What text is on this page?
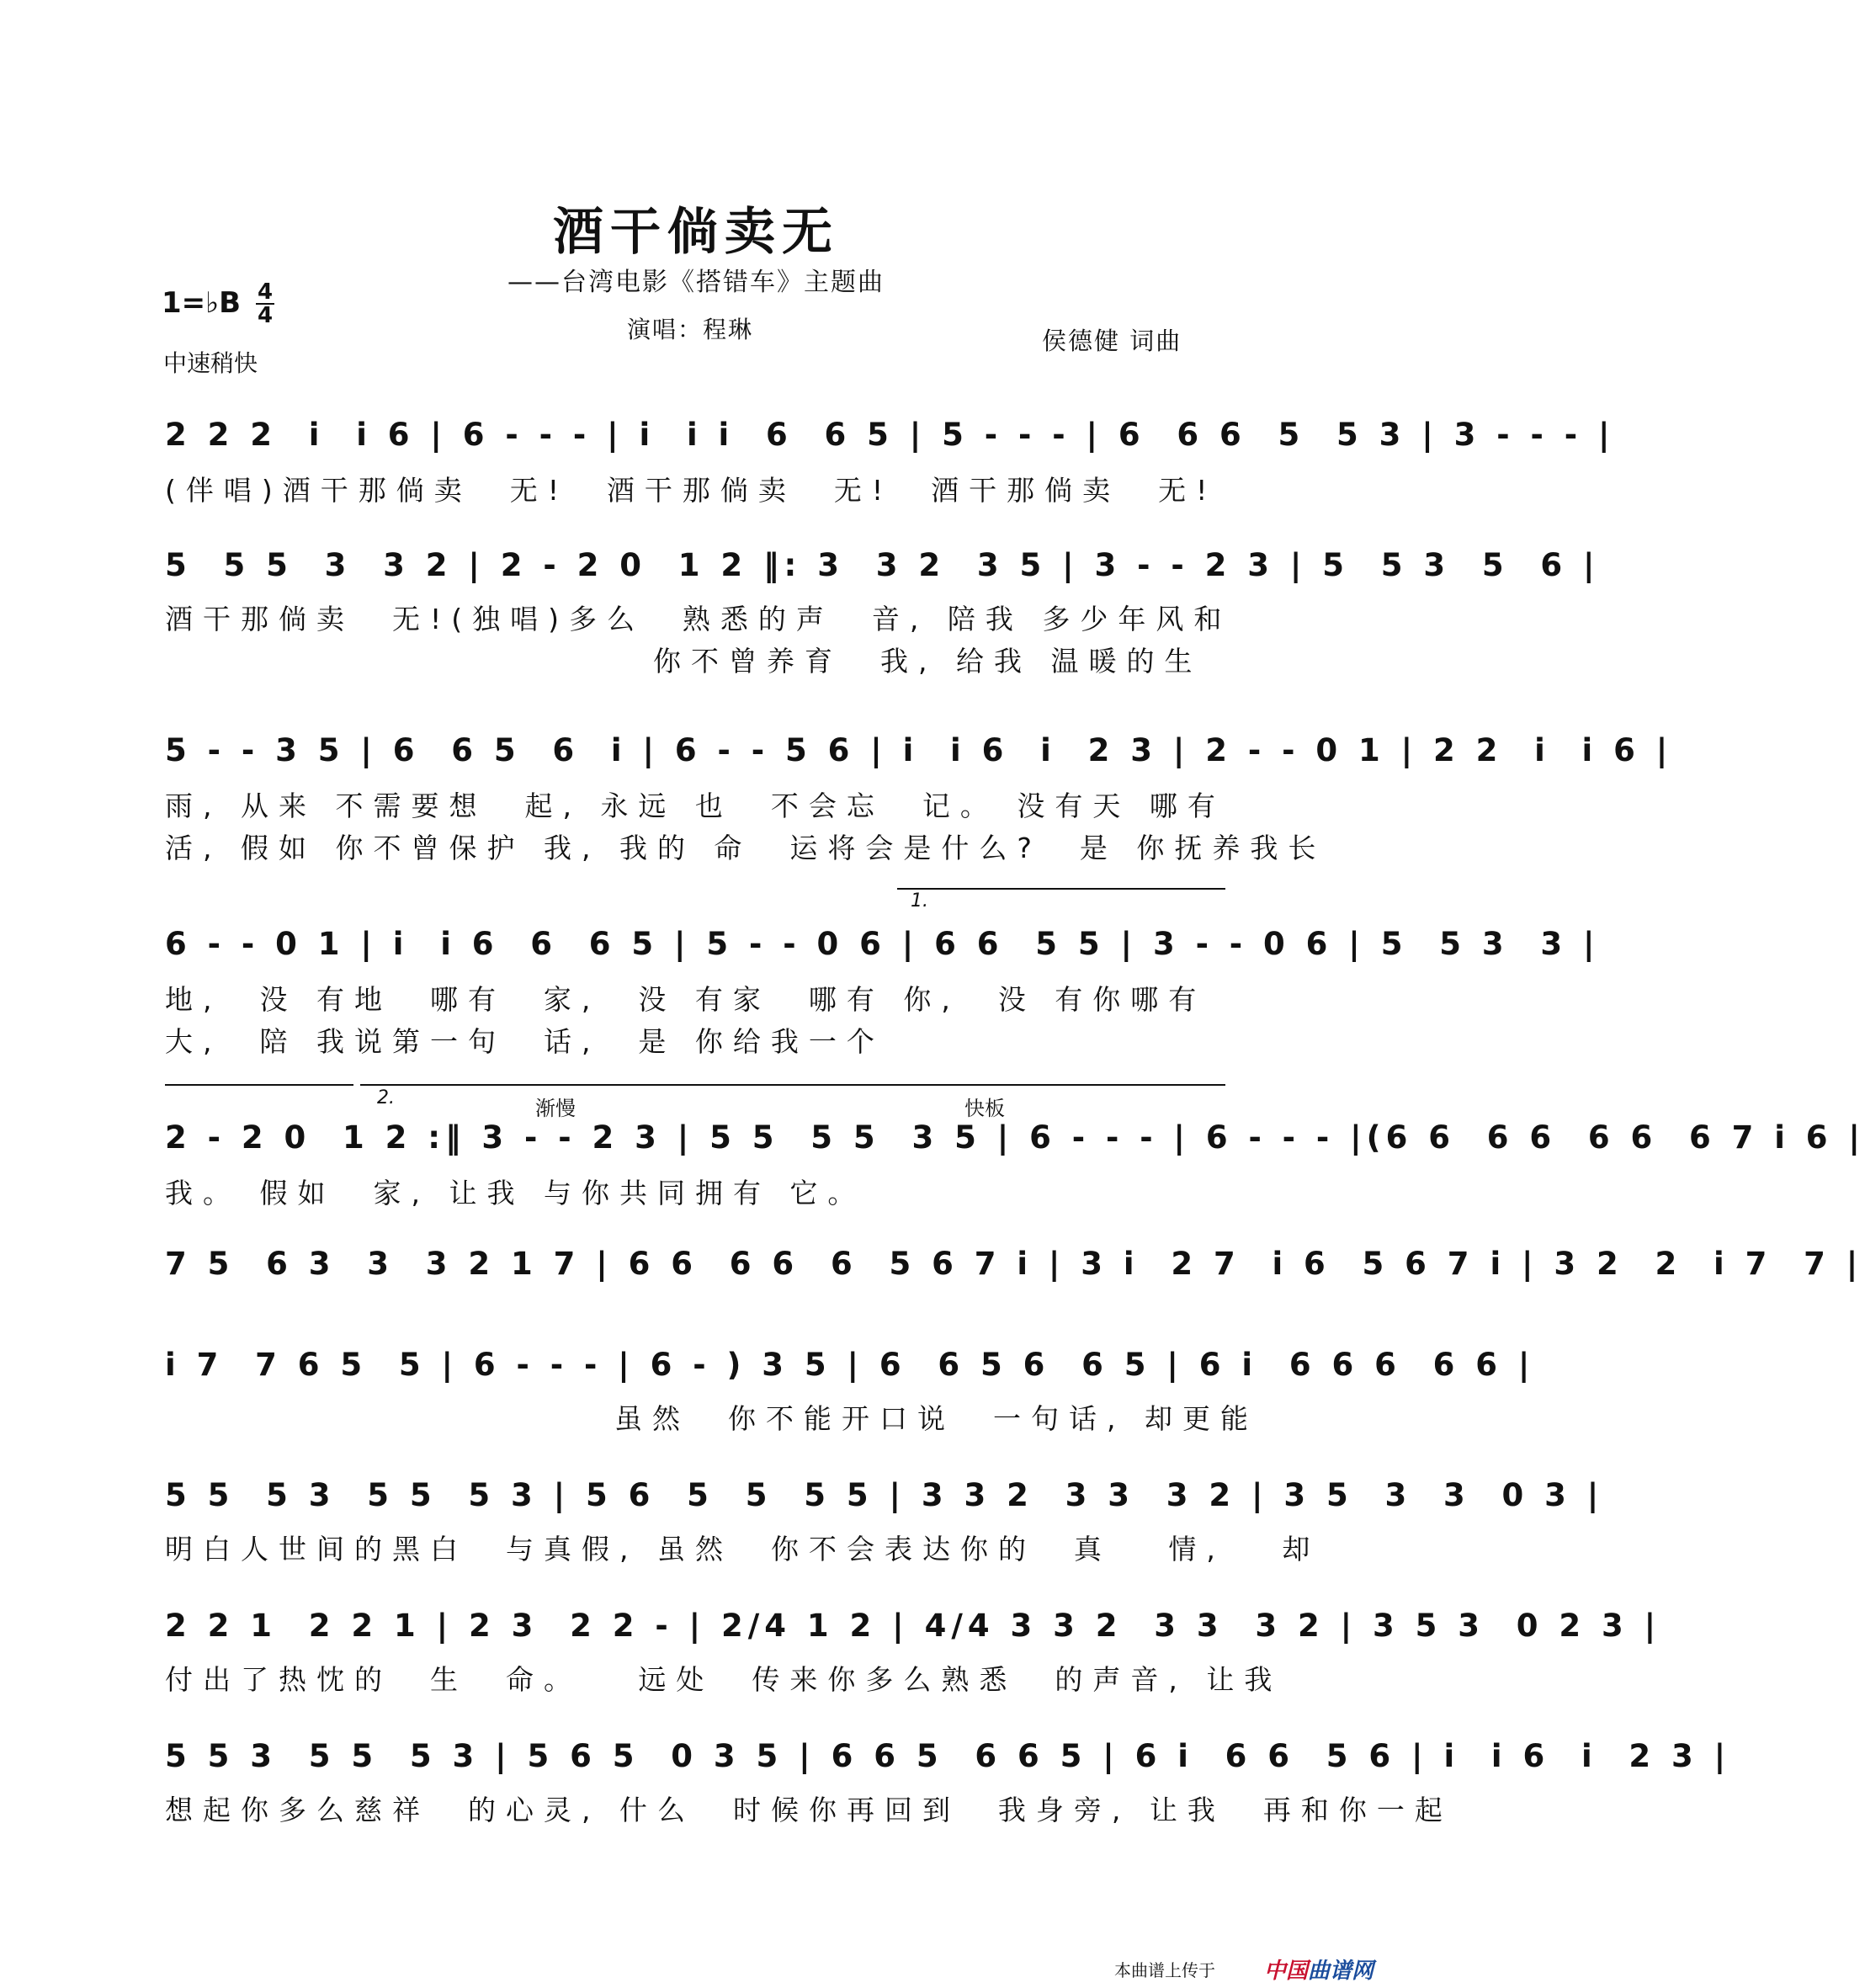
酒干倘卖无
——台湾电影《搭错车》主题曲
演唱：程琳	侯德健 词曲
1=♭B 4
4
中速稍快
2 2 2  i  i 6 | 6 - - - | i  i i  6  6 5 | 5 - - - | 6  6 6  5  5 3 | 3 - - - |
(伴唱)酒干那倘卖  无!  酒干那倘卖  无!  酒干那倘卖  无!
5  5 5  3  3 2 | 2 - 2 0  1 2 ‖: 3  3 2  3 5 | 3 - - 2 3 | 5  5 3  5  6 |
酒干那倘卖  无!(独唱)多么  熟悉的声  音, 陪我 多少年风和
你不曾养育  我, 给我 温暖的生
5 - - 3 5 | 6  6 5  6  i | 6 - - 5 6 | i  i 6  i  2 3 | 2 - - 0 1 | 2 2  i  i 6 |
雨, 从来 不需要想  起, 永远 也  不会忘  记。 没有天 哪有
活, 假如 你不曾保护 我, 我的 命  运将会是什么?  是 你抚养我长
1.
6 - - 0 1 | i  i 6  6  6 5 | 5 - - 0 6 | 6 6  5 5 | 3 - - 0 6 | 5  5 3  3 |
地,  没 有地  哪有  家,  没 有家  哪有 你,  没 有你哪有
大,  陪 我说第一句  话,  是 你给我一个
2.	渐慢	快板
2 - 2 0  1 2 :‖ 3 - - 2 3 | 5 5  5 5  3 5 | 6 - - - | 6 - - - |(6 6  6 6  6 6  6 7 i 6 |
我。 假如  家, 让我 与你共同拥有 它。
7 5  6 3  3  3 2 1 7 | 6 6  6 6  6  5 6 7 i | 3 i  2 7  i 6  5 6 7 i | 3 2  2  i 7  7 |
i 7  7 6 5  5 | 6 - - - | 6 - ) 3 5 | 6  6 5 6  6 5 | 6 i  6 6 6  6 6 |
虽然  你不能开口说  一句话, 却更能
5 5  5 3  5 5  5 3 | 5 6  5  5  5 5 | 3 3 2  3 3  3 2 | 3 5  3  3  0 3 |
明白人世间的黑白  与真假, 虽然  你不会表达你的  真   情,   却
2 2 1  2 2 1 | 2 3  2 2 - | 2/4 1 2 | 4/4 3 3 2  3 3  3 2 | 3 5 3  0 2 3 |
付出了热忱的  生  命。   远处  传来你多么熟悉  的声音, 让我
5 5 3  5 5  5 3 | 5 6 5  0 3 5 | 6 6 5  6 6 5 | 6 i  6 6  5 6 | i  i 6  i  2 3 |
想起你多么慈祥  的心灵, 什么  时候你再回到  我身旁, 让我  再和你一起
本曲谱上传于 中国曲谱网
